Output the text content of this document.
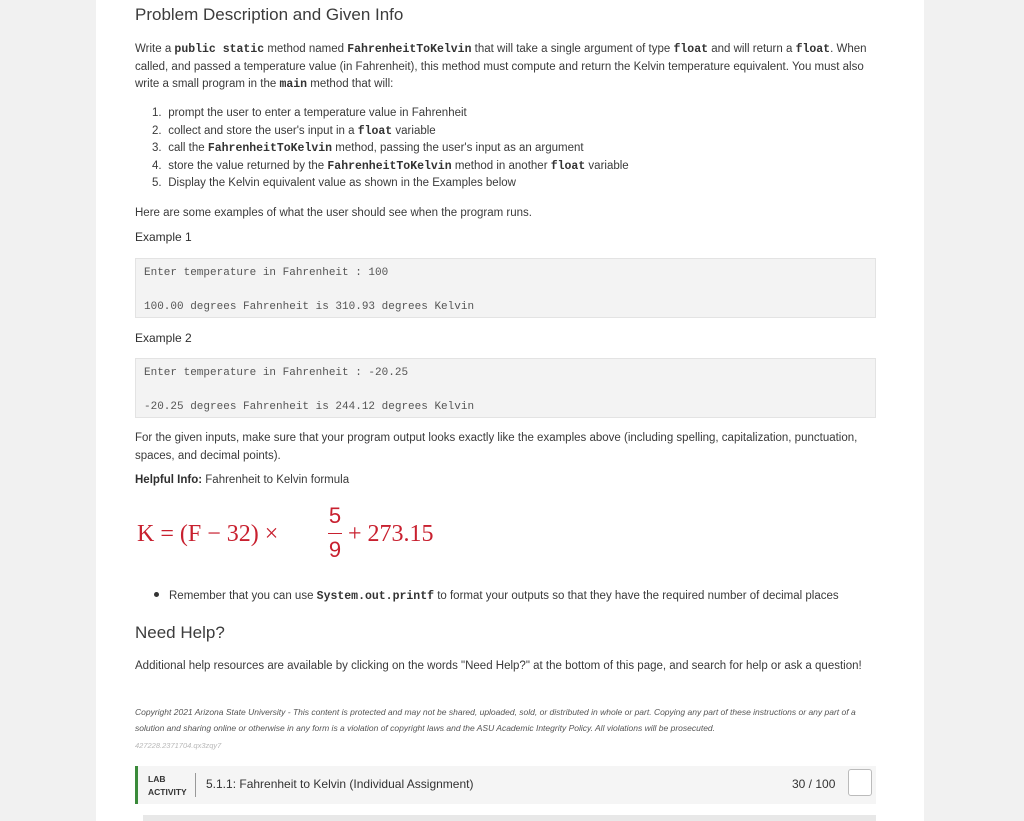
Problem Description and Given Info
Write a public static method named FahrenheitToKelvin that will take a single argument of type float and will return a float. When called, and passed a temperature value (in Fahrenheit), this method must compute and return the Kelvin temperature equivalent. You must also write a small program in the main method that will:
1. prompt the user to enter a temperature value in Fahrenheit
2. collect and store the user's input in a float variable
3. call the FahrenheitToKelvin method, passing the user's input as an argument
4. store the value returned by the FahrenheitToKelvin method in another float variable
5. Display the Kelvin equivalent value as shown in the Examples below
Here are some examples of what the user should see when the program runs.
Example 1
Enter temperature in Fahrenheit : 100
100.00 degrees Fahrenheit is 310.93 degrees Kelvin
Example 2
Enter temperature in Fahrenheit : -20.25
-20.25 degrees Fahrenheit is 244.12 degrees Kelvin
For the given inputs, make sure that your program output looks exactly like the examples above (including spelling, capitalization, punctuation, spaces, and decimal points).
Helpful Info: Fahrenheit to Kelvin formula
K = (F − 32) ×
5
9
+ 273.15
Remember that you can use System.out.printf to format your outputs so that they have the required number of decimal places
Need Help?
Additional help resources are available by clicking on the words "Need Help?" at the bottom of this page, and search for help or ask a question!
Copyright 2021 Arizona State University - This content is protected and may not be shared, uploaded, sold, or distributed in whole or part. Copying any part of these instructions or any part of a solution and sharing online or otherwise in any form is a violation of copyright laws and the ASU Academic Integrity Policy. All violations will be prosecuted.
427228.2371704.qx3zqy7
LAB
ACTIVITY
5.1.1: Fahrenheit to Kelvin (Individual Assignment)	30 / 100
